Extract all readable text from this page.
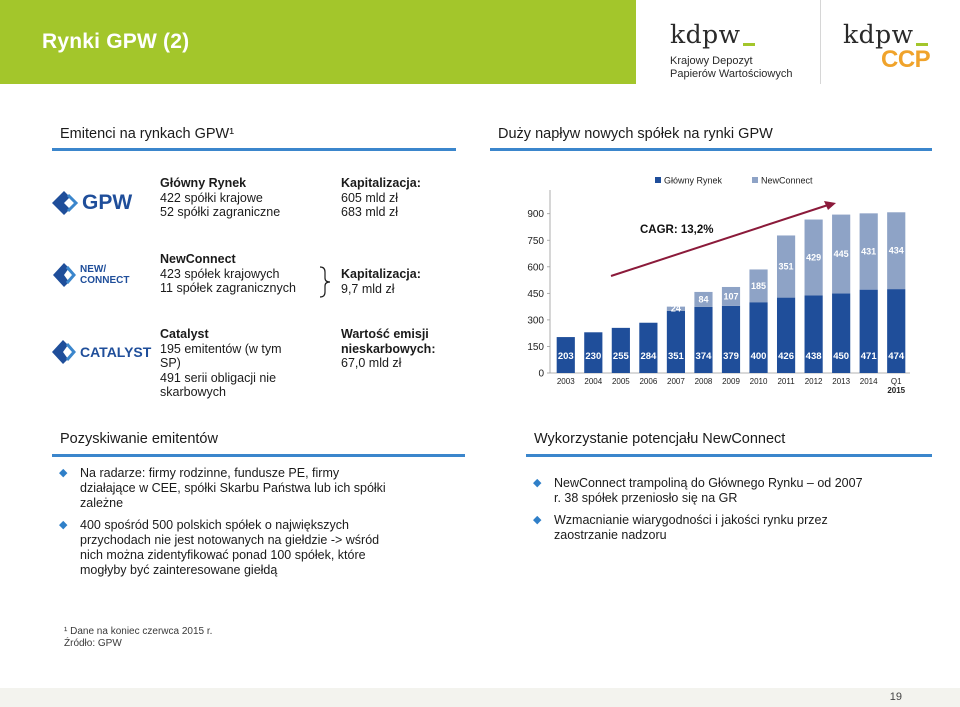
Rynki GPW (2)	kdpw
Krajowy Depozyt
Papierów Wartościowych
kdpw
CCP
Emitenci na rynkach GPW¹
GPW
Główny Rynek
422 spółki krajowe
52 spółki zagraniczne
Kapitalizacja:
605 mld zł
683 mld zł
NEW/
CONNECT
NewConnect
423 spółek krajowych
11 spółek zagranicznych
Kapitalizacja:
9,7 mld zł
CATALYST
Catalyst
195 emitentów (w tym
SP)
491 serii obligacji nie
skarbowych
Wartość emisji
nieskarbowych:
67,0 mld zł
Duży napływ nowych spółek na rynki GPW
Główny Rynek	NewConnect
0
150
300
450
600
750
900
2003 2004 2005 2006 2007 2008 2009 2010 2011 2012 2013 2014 Q1
2015
203 230 255 284
24
351
84
374
107
379
185
400
351
426
429
438
445
450
431
471
434
474
CAGR: 13,2%
Pozyskiwanie emitentów
◆ Na radarze: firmy rodzinne, fundusze PE, firmy
działające w CEE, spółki Skarbu Państwa lub ich spółki
zależne
◆ 400 spośród 500 polskich spółek o największych
przychodach nie jest notowanych na giełdzie -> wśród
nich można zidentyfikować ponad 100 spółek, które
mogłyby być zainteresowane giełdą
Wykorzystanie potencjału NewConnect
◆ NewConnect trampoliną do Głównego Rynku – od 2007
r. 38 spółek przeniosło się na GR
◆ Wzmacnianie wiarygodności i jakości rynku przez
zaostrzanie nadzoru
¹ Dane na koniec czerwca 2015 r.
Źródło: GPW
19
